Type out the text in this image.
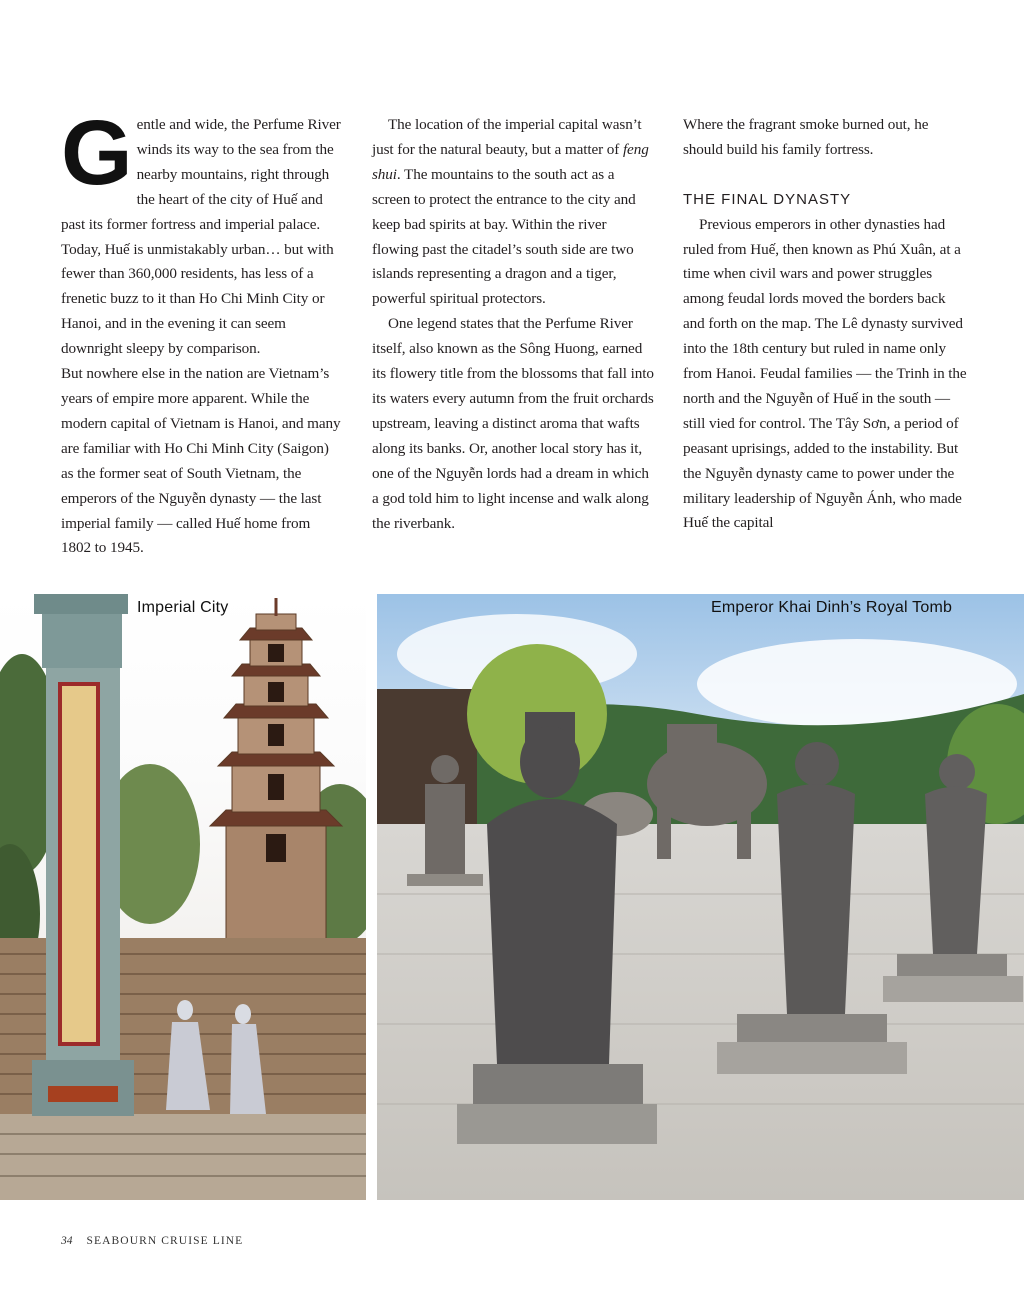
Gentle and wide, the Perfume River winds its way to the sea from the nearby mountains, right through the heart of the city of Huế and past its former fortress and imperial palace. Today, Huế is unmistakably urban… but with fewer than 360,000 residents, has less of a frenetic buzz to it than Ho Chi Minh City or Hanoi, and in the evening it can seem downright sleepy by comparison.

But nowhere else in the nation are Vietnam’s years of empire more apparent. While the modern capital of Vietnam is Hanoi, and many are familiar with Ho Chi Minh City (Saigon) as the former seat of South Vietnam, the emperors of the Nguyễn dynasty — the last imperial family — called Huế home from 1802 to 1945.

The location of the imperial capital wasn’t just for the natural beauty, but a matter of feng shui. The mountains to the south act as a screen to protect the entrance to the city and keep bad spirits at bay. Within the river flowing past the citadel’s south side are two islands representing a dragon and a tiger, powerful spiritual protectors.

One legend states that the Perfume River itself, also known as the Sông Huong, earned its flowery title from the blossoms that fall into its waters every autumn from the fruit orchards upstream, leaving a distinct aroma that wafts along its banks. Or, another local story has it, one of the Nguyễn lords had a dream in which a god told him to light incense and walk along the riverbank.

Where the fragrant smoke burned out, he should build his family fortress.

THE FINAL DYNASTY

Previous emperors in other dynasties had ruled from Huế, then known as Phú Xuân, at a time when civil wars and power struggles among feudal lords moved the borders back and forth on the map. The Lê dynasty survived into the 18th century but ruled in name only from Hanoi. Feudal families — the Trinh in the north and the Nguyễn of Huế in the south — still vied for control. The Tây Sơn, a period of peasant uprisings, added to the instability. But the Nguyễn dynasty came to power under the military leadership of Nguyễn Ánh, who made Huế the capital

Imperial City	Emperor Khai Dinh’s Royal Tomb
34 SEABOURN CRUISE LINE
